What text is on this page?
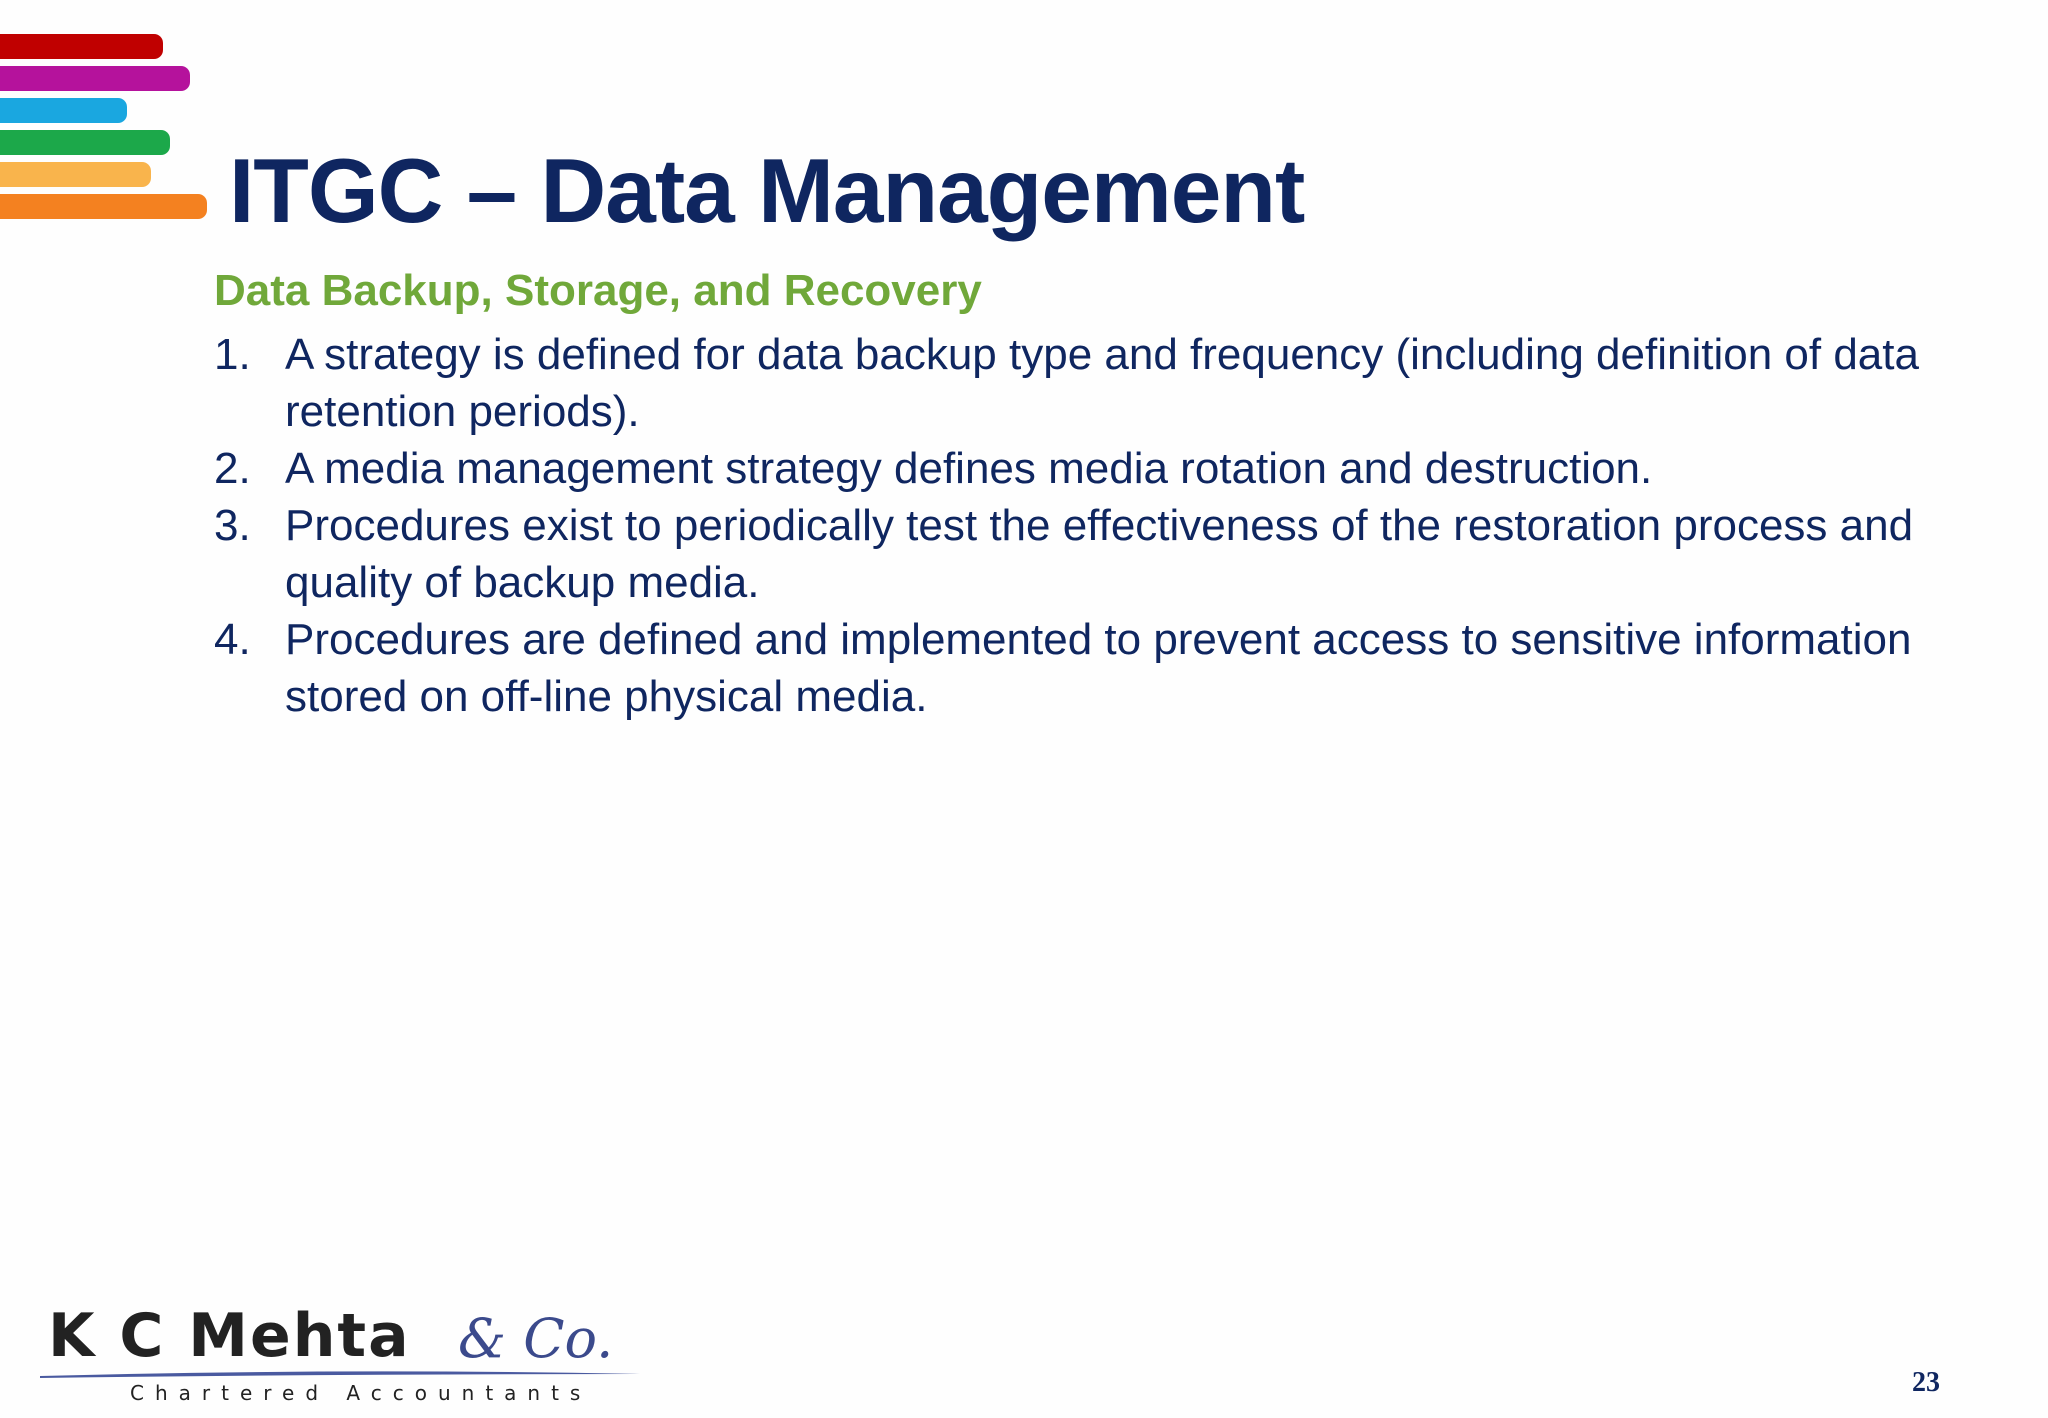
ITGC – Data Management
Data Backup, Storage, and Recovery
1. A strategy is defined for data backup type and frequency (including definition of data retention periods).
2. A media management strategy defines media rotation and destruction.
3. Procedures exist to periodically test the effectiveness of the restoration process and quality of backup media.
4. Procedures are defined and implemented to prevent access to sensitive information stored on off-line physical media.
K C Mehta & Co.
Chartered Accountants	23
